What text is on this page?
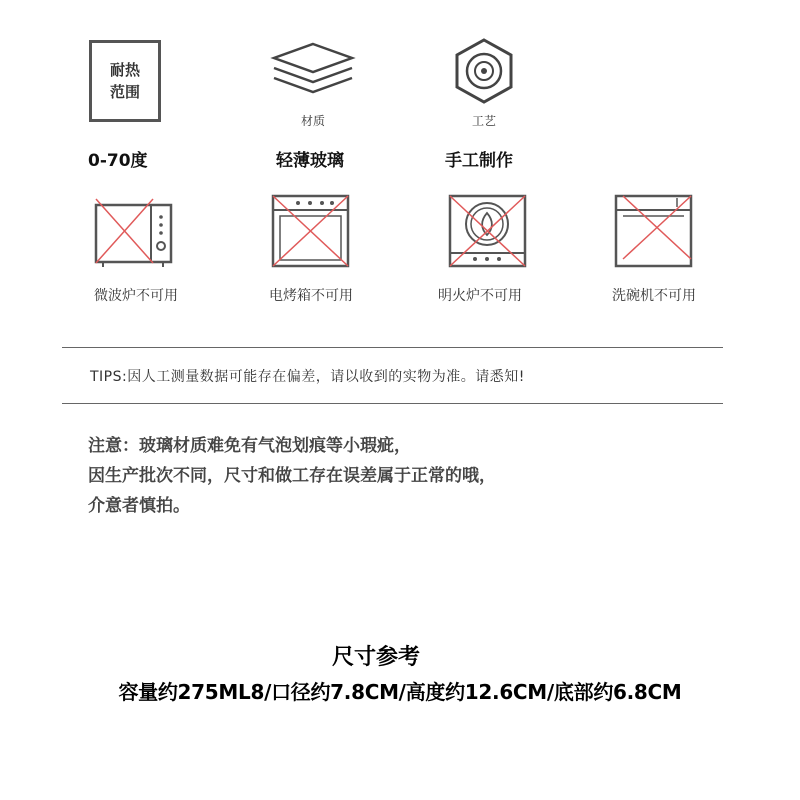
耐热
范围
0-70度
材质
轻薄玻璃
工艺
手工制作
微波炉不可用	电烤箱不可用	明火炉不可用	洗碗机不可用
TIPS:因人工测量数据可能存在偏差，请以收到的实物为准。请悉知!
注意：玻璃材质难免有气泡划痕等小瑕疵，
因生产批次不同，尺寸和做工存在误差属于正常的哦，
介意者慎拍。
尺寸参考
容量约275ML8/口径约7.8CM/高度约12.6CM/底部约6.8CM
